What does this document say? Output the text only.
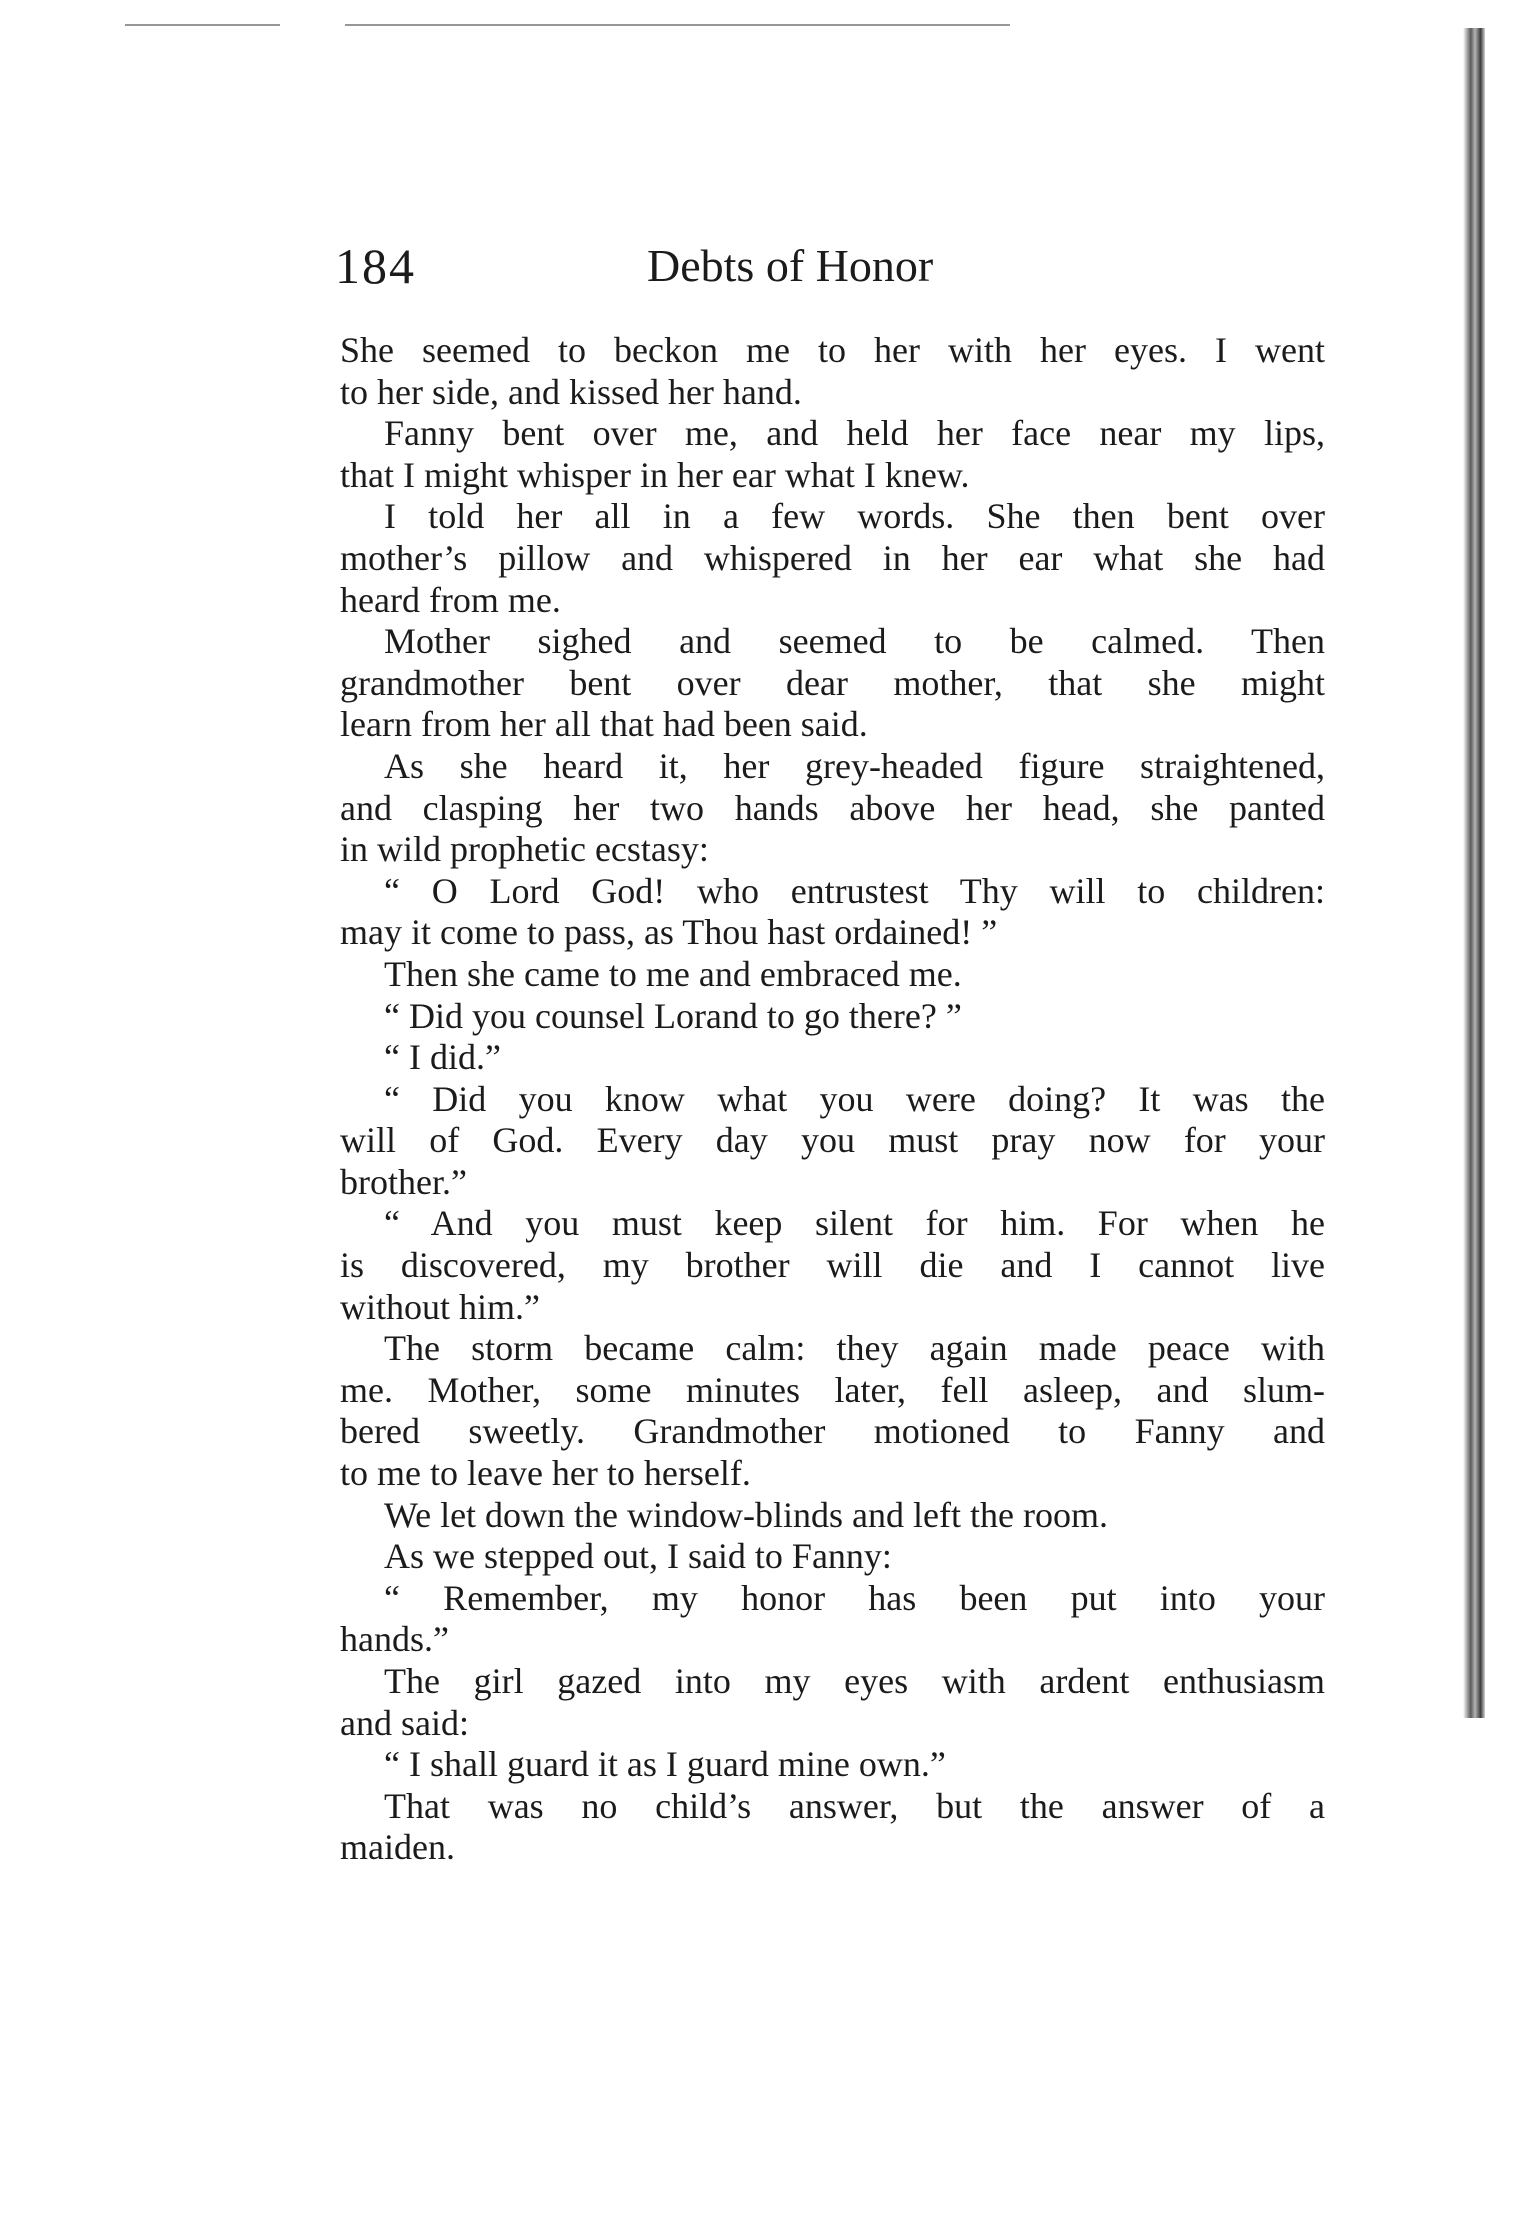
184	Debts of Honor
She seemed to beckon me to her with her eyes. I went
to her side, and kissed her hand.
Fanny bent over me, and held her face near my lips,
that I might whisper in her ear what I knew.
I told her all in a few words. She then bent over
mother’s pillow and whispered in her ear what she had
heard from me.
Mother sighed and seemed to be calmed. Then
grandmother bent over dear mother, that she might
learn from her all that had been said.
As she heard it, her grey-headed figure straightened,
and clasping her two hands above her head, she panted
in wild prophetic ecstasy:
“ O Lord God! who entrustest Thy will to children:
may it come to pass, as Thou hast ordained! ”
Then she came to me and embraced me.
“ Did you counsel Lorand to go there? ”
“ I did.”
“ Did you know what you were doing? It was the
will of God. Every day you must pray now for your
brother.”
“ And you must keep silent for him. For when he
is discovered, my brother will die and I cannot live
without him.”
The storm became calm: they again made peace with
me. Mother, some minutes later, fell asleep, and slum-
bered sweetly. Grandmother motioned to Fanny and
to me to leave her to herself.
We let down the window-blinds and left the room.
As we stepped out, I said to Fanny:
“ Remember, my honor has been put into your
hands.”
The girl gazed into my eyes with ardent enthusiasm
and said:
“ I shall guard it as I guard mine own.”
That was no child’s answer, but the answer of a
maiden.
